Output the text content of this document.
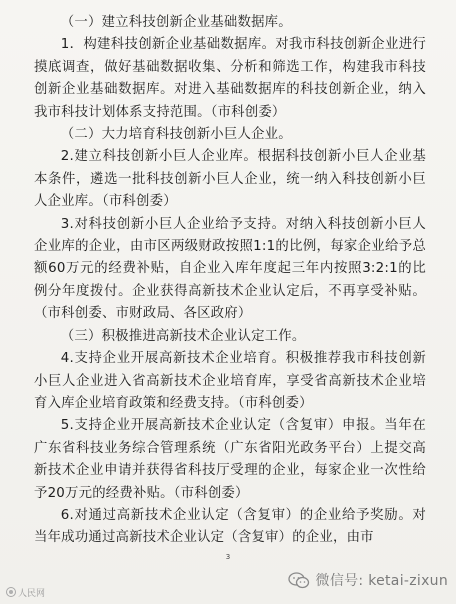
（一）建立科技创新企业基础数据库。

1．构建科技创新企业基础数据库。对我市科技创新企业进行摸底调查，做好基础数据收集、分析和筛选工作，构建我市科技创新企业基础数据库。对进入基础数据库的科技创新企业，纳入我市科技计划体系支持范围。（市科创委）

（二）大力培育科技创新小巨人企业。

2.建立科技创新小巨人企业库。根据科技创新小巨人企业基本条件，遴选一批科技创新小巨人企业，统一纳入科技创新小巨人企业库。（市科创委）

3.对科技创新小巨人企业给予支持。对纳入科技创新小巨人企业库的企业，由市区两级财政按照1:1的比例，每家企业给予总额60万元的经费补贴，自企业入库年度起三年内按照3:2:1的比例分年度拨付。企业获得高新技术企业认定后，不再享受补贴。（市科创委、市财政局、各区政府）

（三）积极推进高新技术企业认定工作。

4.支持企业开展高新技术企业培育。积极推荐我市科技创新小巨人企业进入省高新技术企业培育库，享受省高新技术企业培育入库企业培育政策和经费支持。（市科创委）

5.支持企业开展高新技术企业认定（含复审）申报。当年在广东省科技业务综合管理系统（广东省阳光政务平台）上提交高新技术企业申请并获得省科技厅受理的企业，每家企业一次性给予20万元的经费补贴。（市科创委）

6.对通过高新技术企业认定（含复审）的企业给予奖励。对当年成功通过高新技术企业认定（含复审）的企业，由市

3
人民网
微信号: ketai-zixun
